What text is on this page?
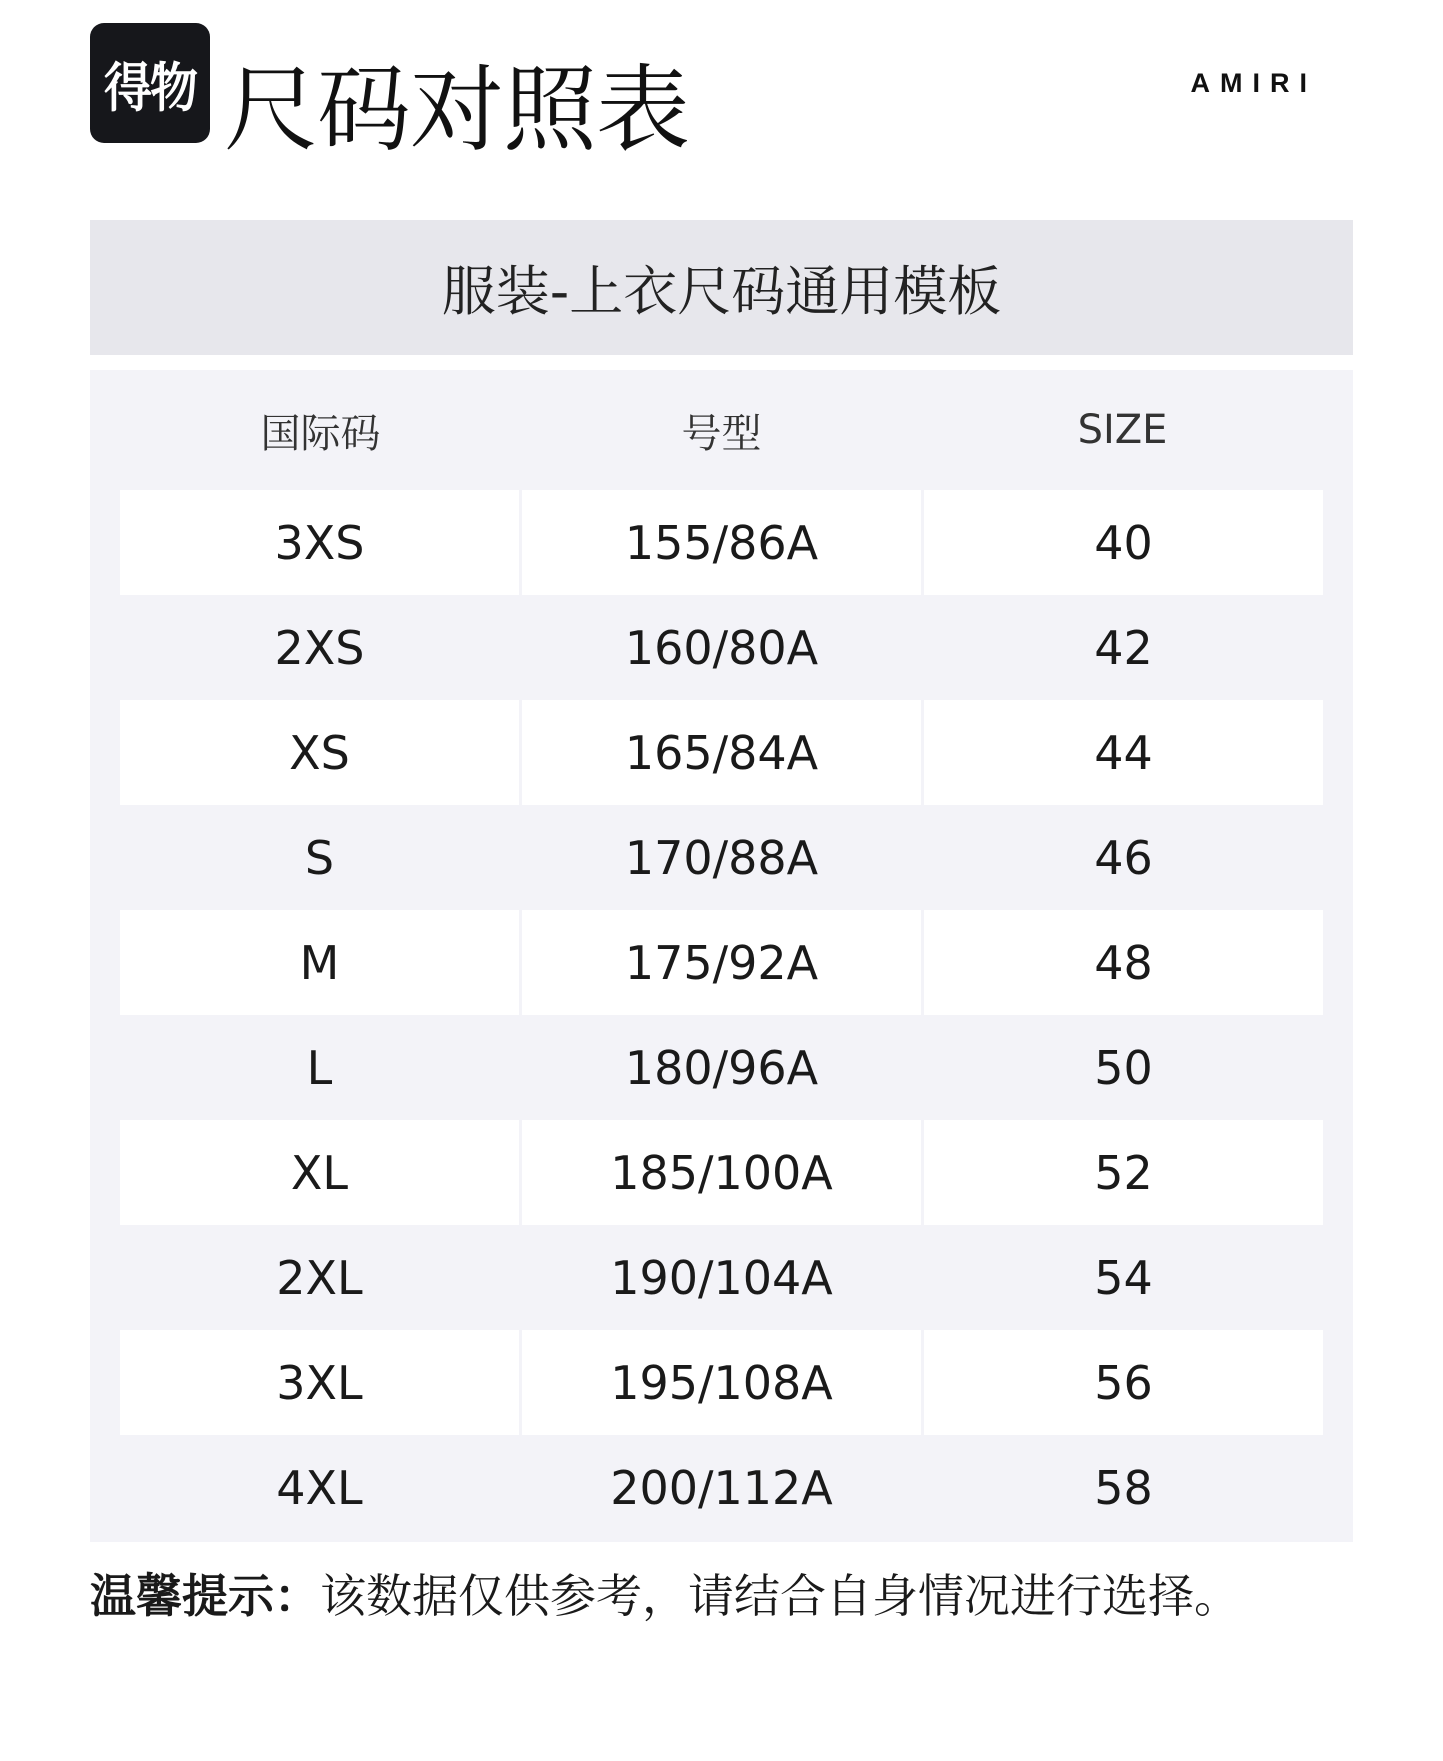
得物 尺码对照表	AMIRI
服装-上衣尺码通用模板
国际码	号型	SIZE
3XS	155/86A	40
2XS	160/80A	42
XS	165/84A	44
S	170/88A	46
M	175/92A	48
L	180/96A	50
XL	185/100A	52
2XL	190/104A	54
3XL	195/108A	56
4XL	200/112A	58
温馨提示：该数据仅供参考，请结合自身情况进行选择。
